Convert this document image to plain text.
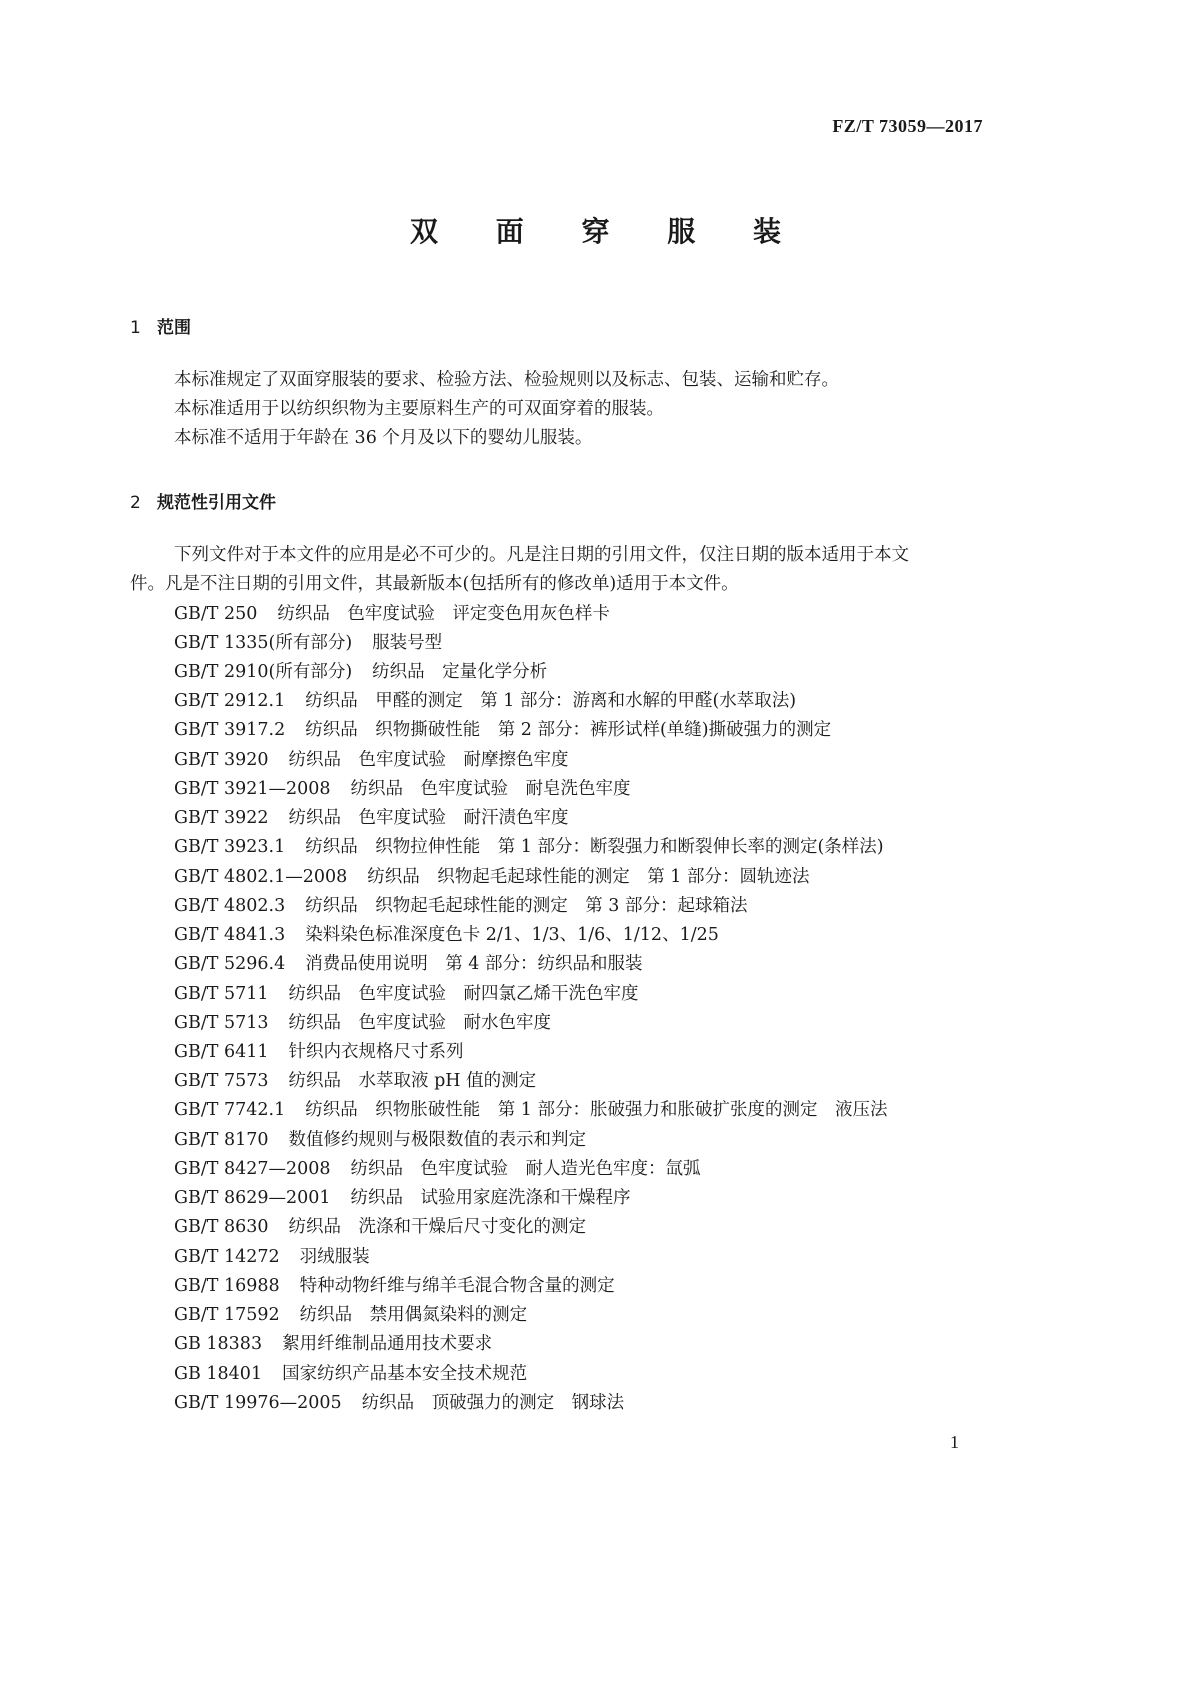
FZ/T 73059—2017
双 面 穿 服 装
1 范围
本标准规定了双面穿服装的要求、检验方法、检验规则以及标志、包装、运输和贮存。
本标准适用于以纺织织物为主要原料生产的可双面穿着的服装。
本标准不适用于年龄在 36 个月及以下的婴幼儿服装。
2 规范性引用文件
下列文件对于本文件的应用是必不可少的。凡是注日期的引用文件，仅注日期的版本适用于本文
件。凡是不注日期的引用文件，其最新版本(包括所有的修改单)适用于本文件。
GB/T 250 纺织品　色牢度试验　评定变色用灰色样卡
GB/T 1335(所有部分) 服装号型
GB/T 2910(所有部分) 纺织品　定量化学分析
GB/T 2912.1 纺织品　甲醛的测定　第 1 部分：游离和水解的甲醛(水萃取法)
GB/T 3917.2 纺织品　织物撕破性能　第 2 部分：裤形试样(单缝)撕破强力的测定
GB/T 3920 纺织品　色牢度试验　耐摩擦色牢度
GB/T 3921—2008 纺织品　色牢度试验　耐皂洗色牢度
GB/T 3922 纺织品　色牢度试验　耐汗渍色牢度
GB/T 3923.1 纺织品　织物拉伸性能　第 1 部分：断裂强力和断裂伸长率的测定(条样法)
GB/T 4802.1—2008 纺织品　织物起毛起球性能的测定　第 1 部分：圆轨迹法
GB/T 4802.3 纺织品　织物起毛起球性能的测定　第 3 部分：起球箱法
GB/T 4841.3 染料染色标准深度色卡 2/1、1/3、1/6、1/12、1/25
GB/T 5296.4 消费品使用说明　第 4 部分：纺织品和服装
GB/T 5711 纺织品　色牢度试验　耐四氯乙烯干洗色牢度
GB/T 5713 纺织品　色牢度试验　耐水色牢度
GB/T 6411 针织内衣规格尺寸系列
GB/T 7573 纺织品　水萃取液 pH 值的测定
GB/T 7742.1 纺织品　织物胀破性能　第 1 部分：胀破强力和胀破扩张度的测定　液压法
GB/T 8170 数值修约规则与极限数值的表示和判定
GB/T 8427—2008 纺织品　色牢度试验　耐人造光色牢度：氙弧
GB/T 8629—2001 纺织品　试验用家庭洗涤和干燥程序
GB/T 8630 纺织品　洗涤和干燥后尺寸变化的测定
GB/T 14272 羽绒服装
GB/T 16988 特种动物纤维与绵羊毛混合物含量的测定
GB/T 17592 纺织品　禁用偶氮染料的测定
GB 18383 絮用纤维制品通用技术要求
GB 18401 国家纺织产品基本安全技术规范
GB/T 19976—2005 纺织品　顶破强力的测定　钢球法
1
